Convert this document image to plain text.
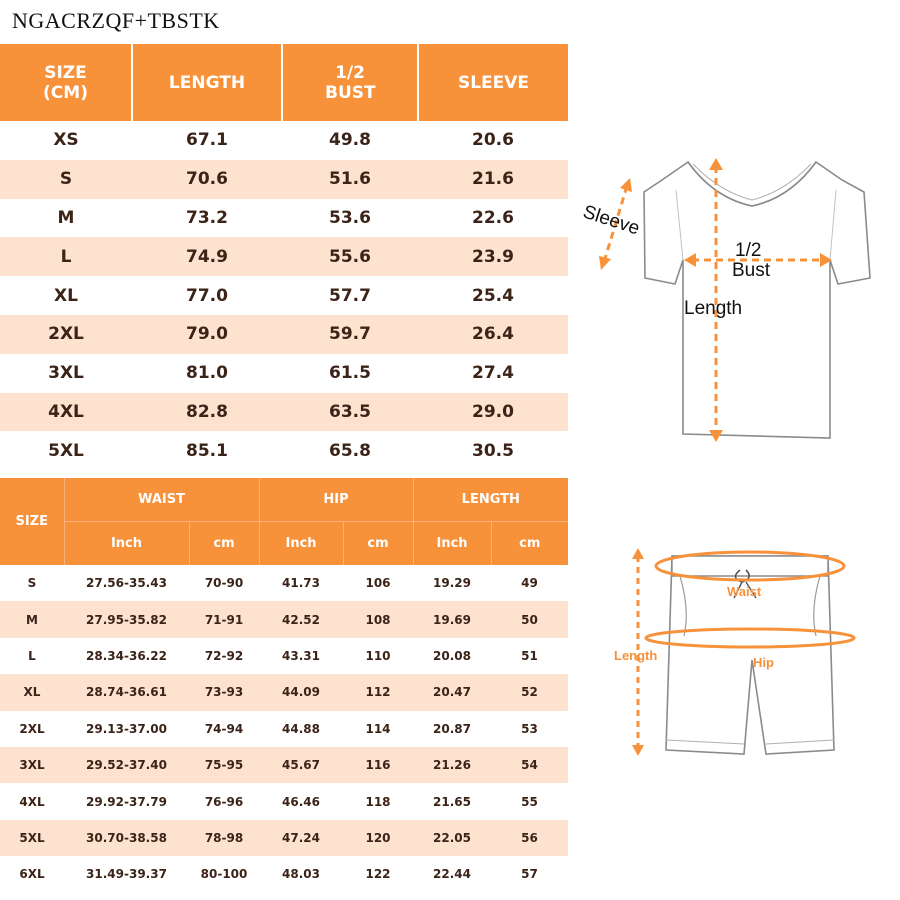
NGACRZQF+TBSTK
SIZE (CM)	LENGTH	1/2 BUST	SLEEVE
XS	67.1	49.8	20.6
S	70.6	51.6	21.6
M	73.2	53.6	22.6
L	74.9	55.6	23.9
XL	77.0	57.7	25.4
2XL	79.0	59.7	26.4
3XL	81.0	61.5	27.4
4XL	82.8	63.5	29.0
5XL	85.1	65.8	30.5
SIZE	WAIST		HIP		LENGTH	
	Inch	cm	Inch	cm	Inch	cm
S	27.56-35.43	70-90	41.73	106	19.29	49
M	27.95-35.82	71-91	42.52	108	19.69	50
L	28.34-36.22	72-92	43.31	110	20.08	51
XL	28.74-36.61	73-93	44.09	112	20.47	52
2XL	29.13-37.00	74-94	44.88	114	20.87	53
3XL	29.52-37.40	75-95	45.67	116	21.26	54
4XL	29.92-37.79	76-96	46.46	118	21.65	55
5XL	30.70-38.58	78-98	47.24	120	22.05	56
6XL	31.49-39.37	80-100	48.03	122	22.44	57
Sleeve
1/2
Bust
Length
Waist
Hip
Length
